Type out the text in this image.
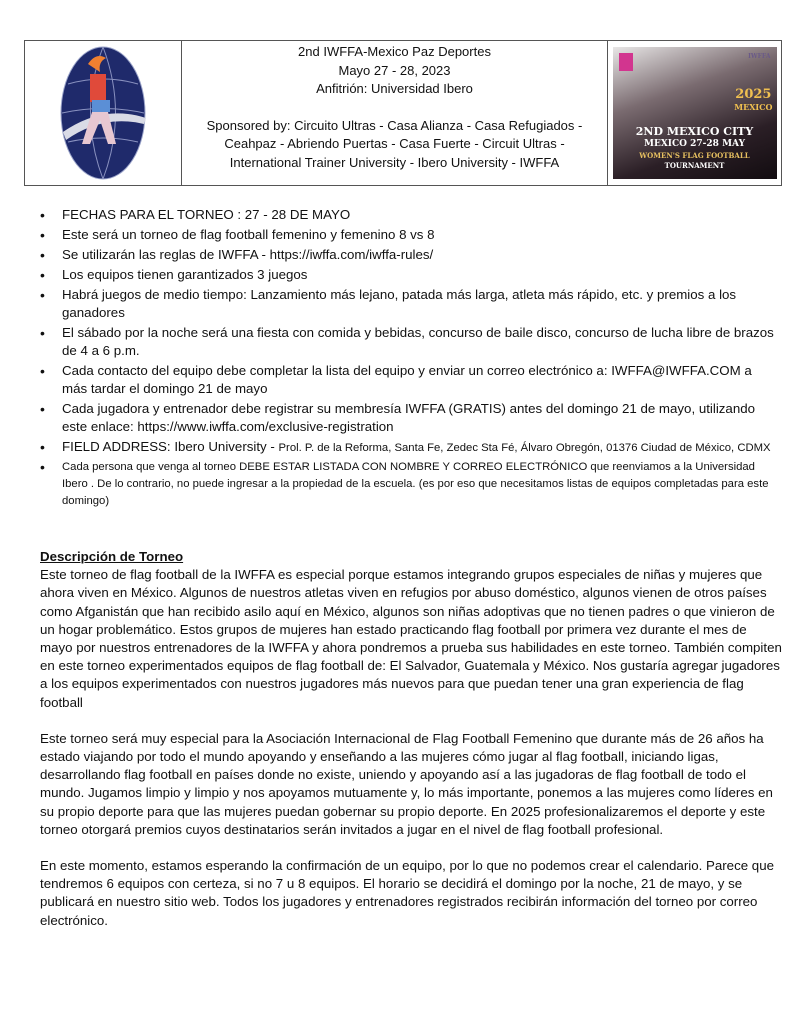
2nd IWFFA-Mexico Paz Deportes
Mayo 27 - 28, 2023
Anfitrión: Universidad Ibero
Sponsored by: Circuito Ultras - Casa Alianza - Casa Refugiados - Ceahpaz - Abriendo Puertas - Casa Fuerte - Circuit Ultras - International Trainer University - Ibero University - IWFFA
IWFFA
2025
MEXICO
2ND MEXICO CITY
MEXICO 27-28 MAY
WOMEN'S FLAG FOOTBALL
TOURNAMENT
• FECHAS PARA EL TORNEO : 27 - 28 DE MAYO
• Este será un torneo de flag football femenino y femenino 8 vs 8
• Se utilizarán las reglas de IWFFA - https://iwffa.com/iwffa-rules/
• Los equipos tienen garantizados 3 juegos
• Habrá juegos de medio tiempo: Lanzamiento más lejano, patada más larga, atleta más rápido, etc. y premios a los ganadores
• El sábado por la noche será una fiesta con comida y bebidas, concurso de baile disco, concurso de lucha libre de brazos de 4 a 6 p.m.
• Cada contacto del equipo debe completar la lista del equipo y enviar un correo electrónico a: IWFFA@IWFFA.COM a más tardar el domingo 21 de mayo
• Cada jugadora y entrenador debe registrar su membresía IWFFA (GRATIS) antes del domingo 21 de mayo, utilizando este enlace: https://www.iwffa.com/exclusive-registration
• FIELD ADDRESS: Ibero University - Prol. P. de la Reforma, Santa Fe, Zedec Sta Fé, Álvaro Obregón, 01376 Ciudad de México, CDMX
• Cada persona que venga al torneo DEBE ESTAR LISTADA CON NOMBRE Y CORREO ELECTRÓNICO que reenviamos a la Universidad Ibero . De lo contrario, no puede ingresar a la propiedad de la escuela. (es por eso que necesitamos listas de equipos completadas para este domingo)
Descripción de Torneo

Este torneo de flag football de la IWFFA es especial porque estamos integrando grupos especiales de niñas y mujeres que ahora viven en México. Algunos de nuestros atletas viven en refugios por abuso doméstico, algunos vienen de otros países como Afganistán que han recibido asilo aquí en México, algunos son niñas adoptivas que no tienen padres o que vinieron de un hogar problemático. Estos grupos de mujeres han estado practicando flag football por primera vez durante el mes de mayo por nuestros entrenadores de la IWFFA y ahora pondremos a prueba sus habilidades en este torneo. También compiten en este torneo experimentados equipos de flag football de: El Salvador, Guatemala y México. Nos gustaría agregar jugadores a los equipos experimentados con nuestros jugadores más nuevos para que puedan tener una gran experiencia de flag football

Este torneo será muy especial para la Asociación Internacional de Flag Football Femenino que durante más de 26 años ha estado viajando por todo el mundo apoyando y enseñando a las mujeres cómo jugar al flag football, iniciando ligas, desarrollando flag football en países donde no existe, uniendo y apoyando así a las jugadoras de flag football de todo el mundo. Jugamos limpio y limpio y nos apoyamos mutuamente y, lo más importante, ponemos a las mujeres como líderes en su propio deporte para que las mujeres puedan gobernar su propio deporte. En 2025 profesionalizaremos el deporte y este torneo otorgará premios cuyos destinatarios serán invitados a jugar en el nivel de flag football profesional.

En este momento, estamos esperando la confirmación de un equipo, por lo que no podemos crear el calendario. Parece que tendremos 6 equipos con certeza, si no 7 u 8 equipos. El horario se decidirá el domingo por la noche, 21 de mayo, y se publicará en nuestro sitio web. Todos los jugadores y entrenadores registrados recibirán información del torneo por correo electrónico.
